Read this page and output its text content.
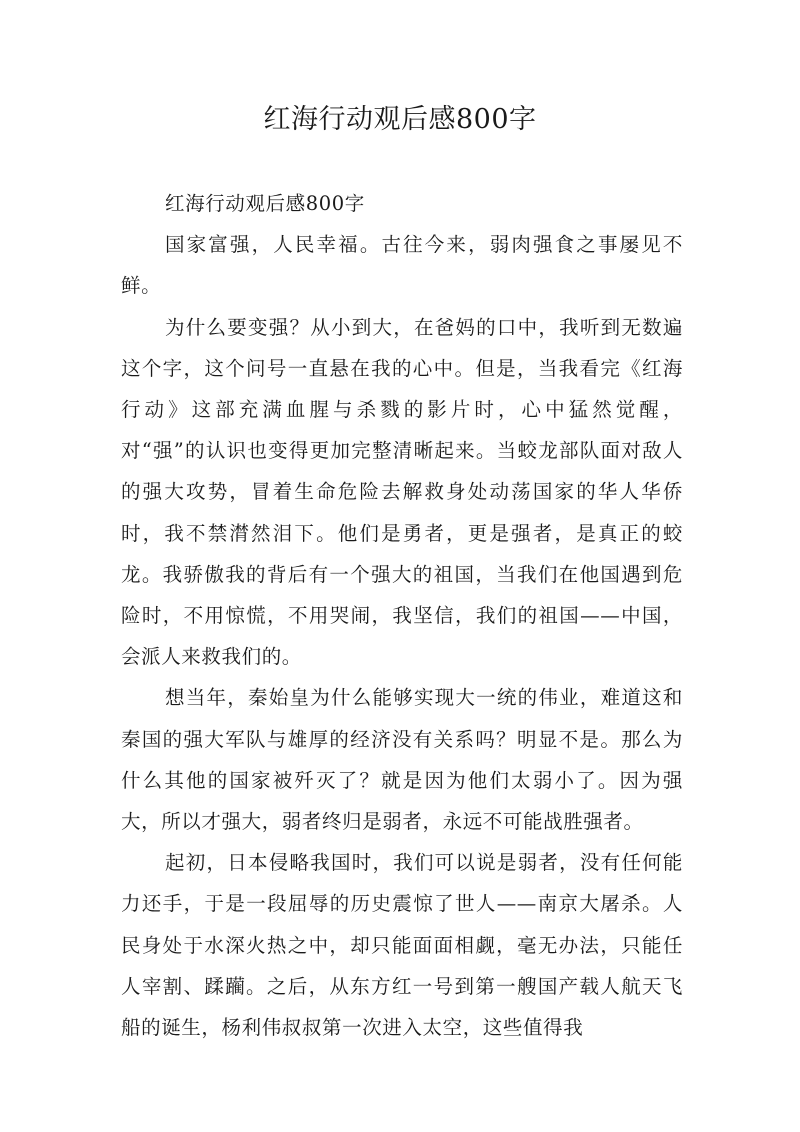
红海行动观后感800字

红海行动观后感800字

国家富强，人民幸福。古往今来，弱肉强食之事屡见不鲜。

为什么要变强？从小到大，在爸妈的口中，我听到无数遍这个字，这个问号一直悬在我的心中。但是，当我看完《红海行动》这部充满血腥与杀戮的影片时，心中猛然觉醒，对“强”的认识也变得更加完整清晰起来。当蛟龙部队面对敌人的强大攻势，冒着生命危险去解救身处动荡国家的华人华侨时，我不禁潸然泪下。他们是勇者，更是强者，是真正的蛟龙。我骄傲我的背后有一个强大的祖国，当我们在他国遇到危险时，不用惊慌，不用哭闹，我坚信，我们的祖国——中国，会派人来救我们的。

想当年，秦始皇为什么能够实现大一统的伟业，难道这和秦国的强大军队与雄厚的经济没有关系吗？明显不是。那么为什么其他的国家被歼灭了？就是因为他们太弱小了。因为强大，所以才强大，弱者终归是弱者，永远不可能战胜强者。

起初，日本侵略我国时，我们可以说是弱者，没有任何能力还手，于是一段屈辱的历史震惊了世人——南京大屠杀。人民身处于水深火热之中，却只能面面相觑，毫无办法，只能任人宰割、蹂躏。之后，从东方红一号到第一艘国产载人航天飞船的诞生，杨利伟叔叔第一次进入太空，这些值得我
